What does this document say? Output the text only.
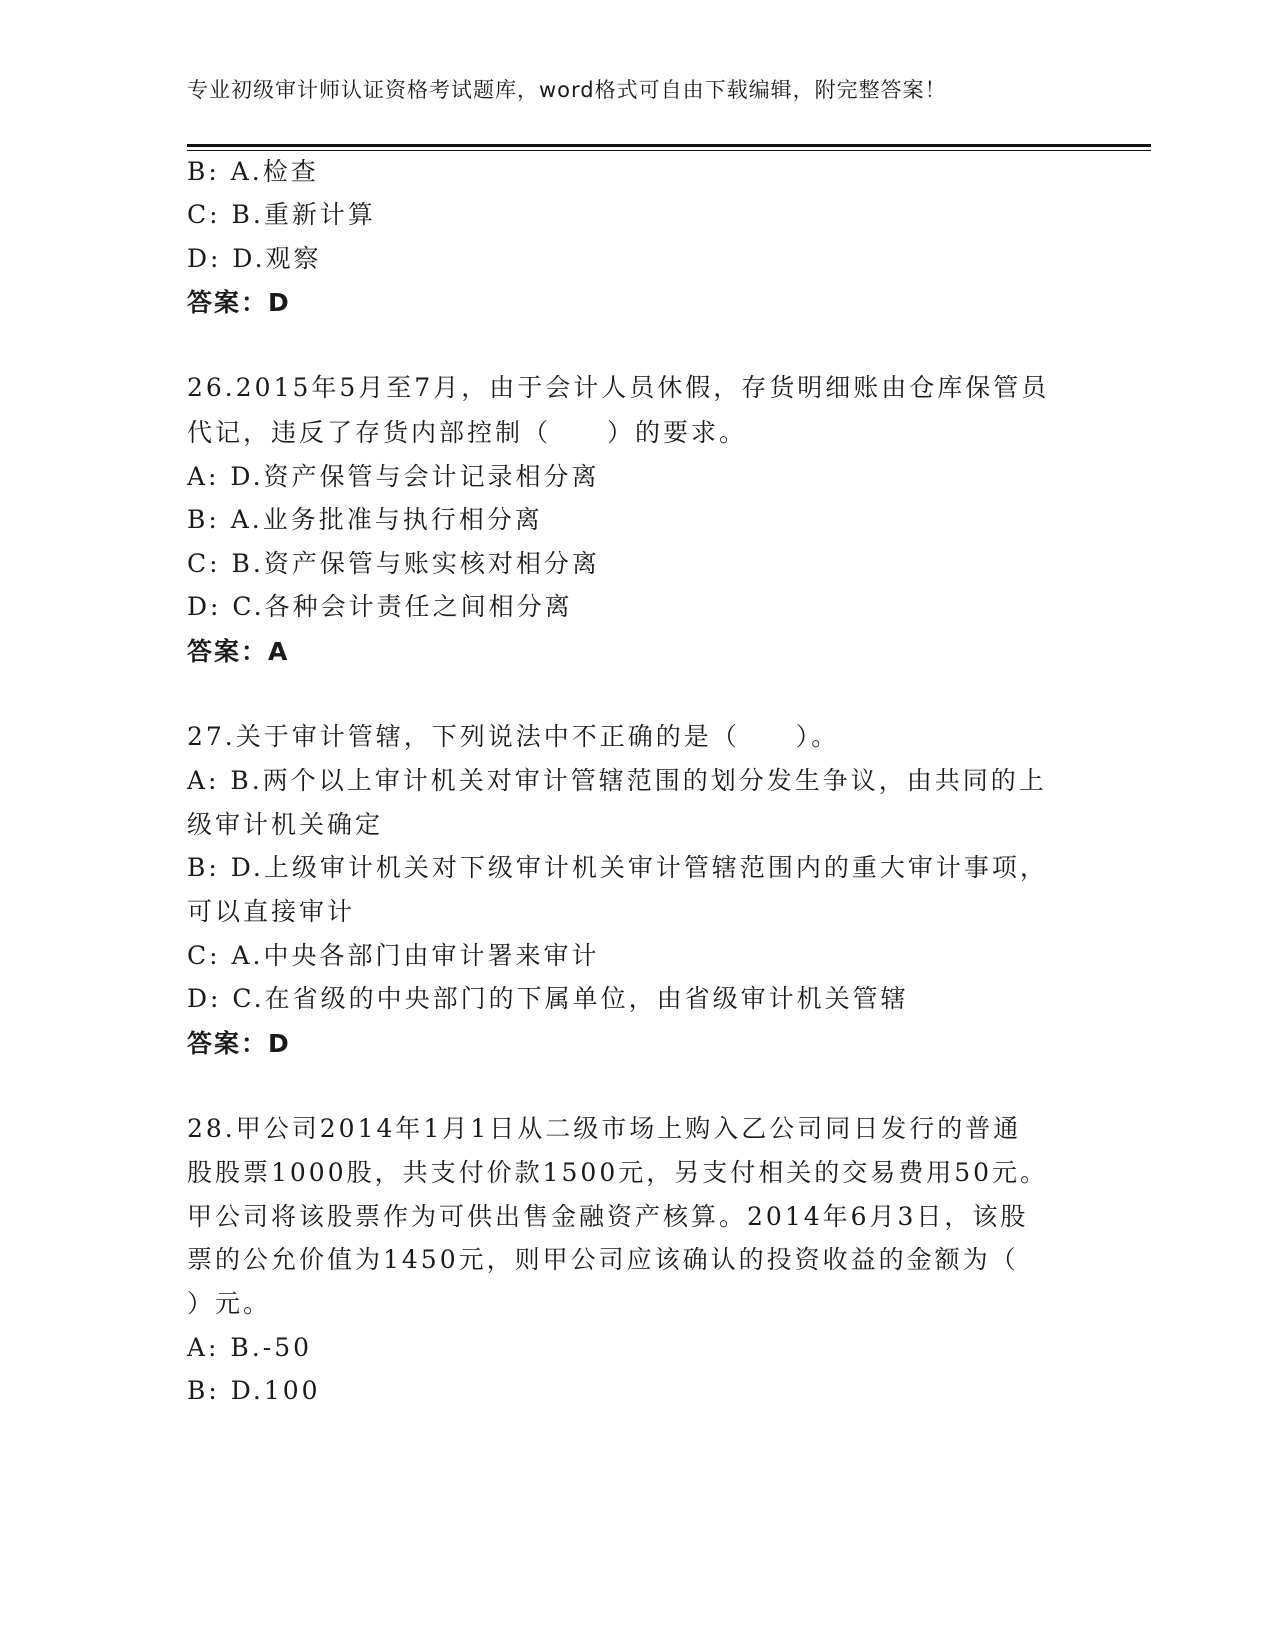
专业初级审计师认证资格考试题库，word格式可自由下载编辑，附完整答案！
B: A.检查
C: B.重新计算
D: D.观察
答案：D
26.2015年5月至7月，由于会计人员休假，存货明细账由仓库保管员
代记，违反了存货内部控制（　　）的要求。
A: D.资产保管与会计记录相分离
B: A.业务批准与执行相分离
C: B.资产保管与账实核对相分离
D: C.各种会计责任之间相分离
答案：A
27.关于审计管辖，下列说法中不正确的是（　　）。
A: B.两个以上审计机关对审计管辖范围的划分发生争议，由共同的上
级审计机关确定
B: D.上级审计机关对下级审计机关审计管辖范围内的重大审计事项，
可以直接审计
C: A.中央各部门由审计署来审计
D: C.在省级的中央部门的下属单位，由省级审计机关管辖
答案：D
28.甲公司2014年1月1日从二级市场上购入乙公司同日发行的普通
股股票1000股，共支付价款1500元，另支付相关的交易费用50元。
甲公司将该股票作为可供出售金融资产核算。2014年6月3日，该股
票的公允价值为1450元，则甲公司应该确认的投资收益的金额为（
）元。
A: B.-50
B: D.100
